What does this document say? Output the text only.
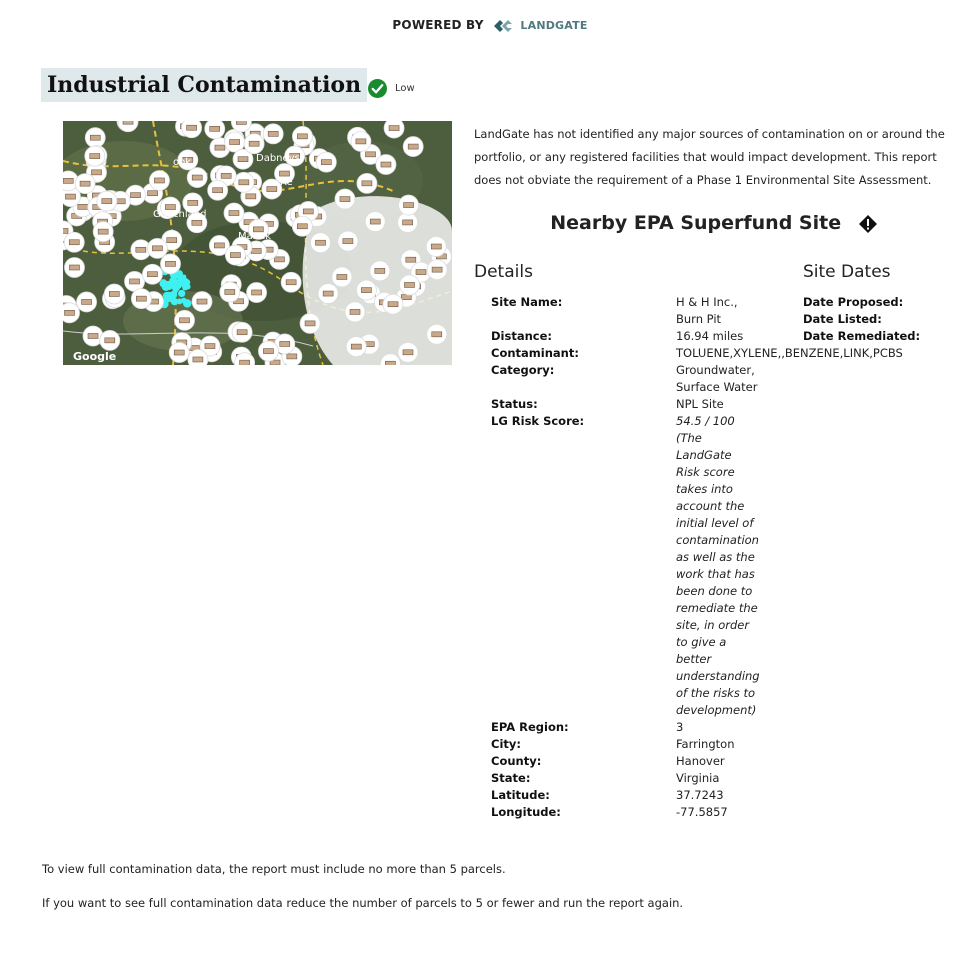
POWERED BY	LANDGATE
Industrial Contamination	Low
Dabneys
Goochland
Manak
Re
ook
Google
LandGate has not identified any major sources of contamination on or around the portfolio, or any registered facilities that would impact development. This report does not obviate the requirement of a Phase 1 Environmental Site Assessment.
Nearby EPA Superfund Site
Details	Site Dates
Site Name:	H & H Inc., Burn Pit
Distance:	16.94 miles
Contaminant:	TOLUENE,XYLENE,,BENZENE,LINK,PCBS
Category:	Groundwater, Surface Water
Status:	NPL Site
LG Risk Score:	54.5 / 100
(The LandGate Risk score takes into account the initial level of contamination as well as the work that has been done to remediate the site, in order to give a better understanding of the risks to development)
EPA Region:	3
City:	Farrington
County:	Hanover
State:	Virginia
Latitude:	37.7243
Longitude:	-77.5857
Date Proposed:
Date Listed:
Date Remediated:
To view full contamination data, the report must include no more than 5 parcels.
If you want to see full contamination data reduce the number of parcels to 5 or fewer and run the report again.
